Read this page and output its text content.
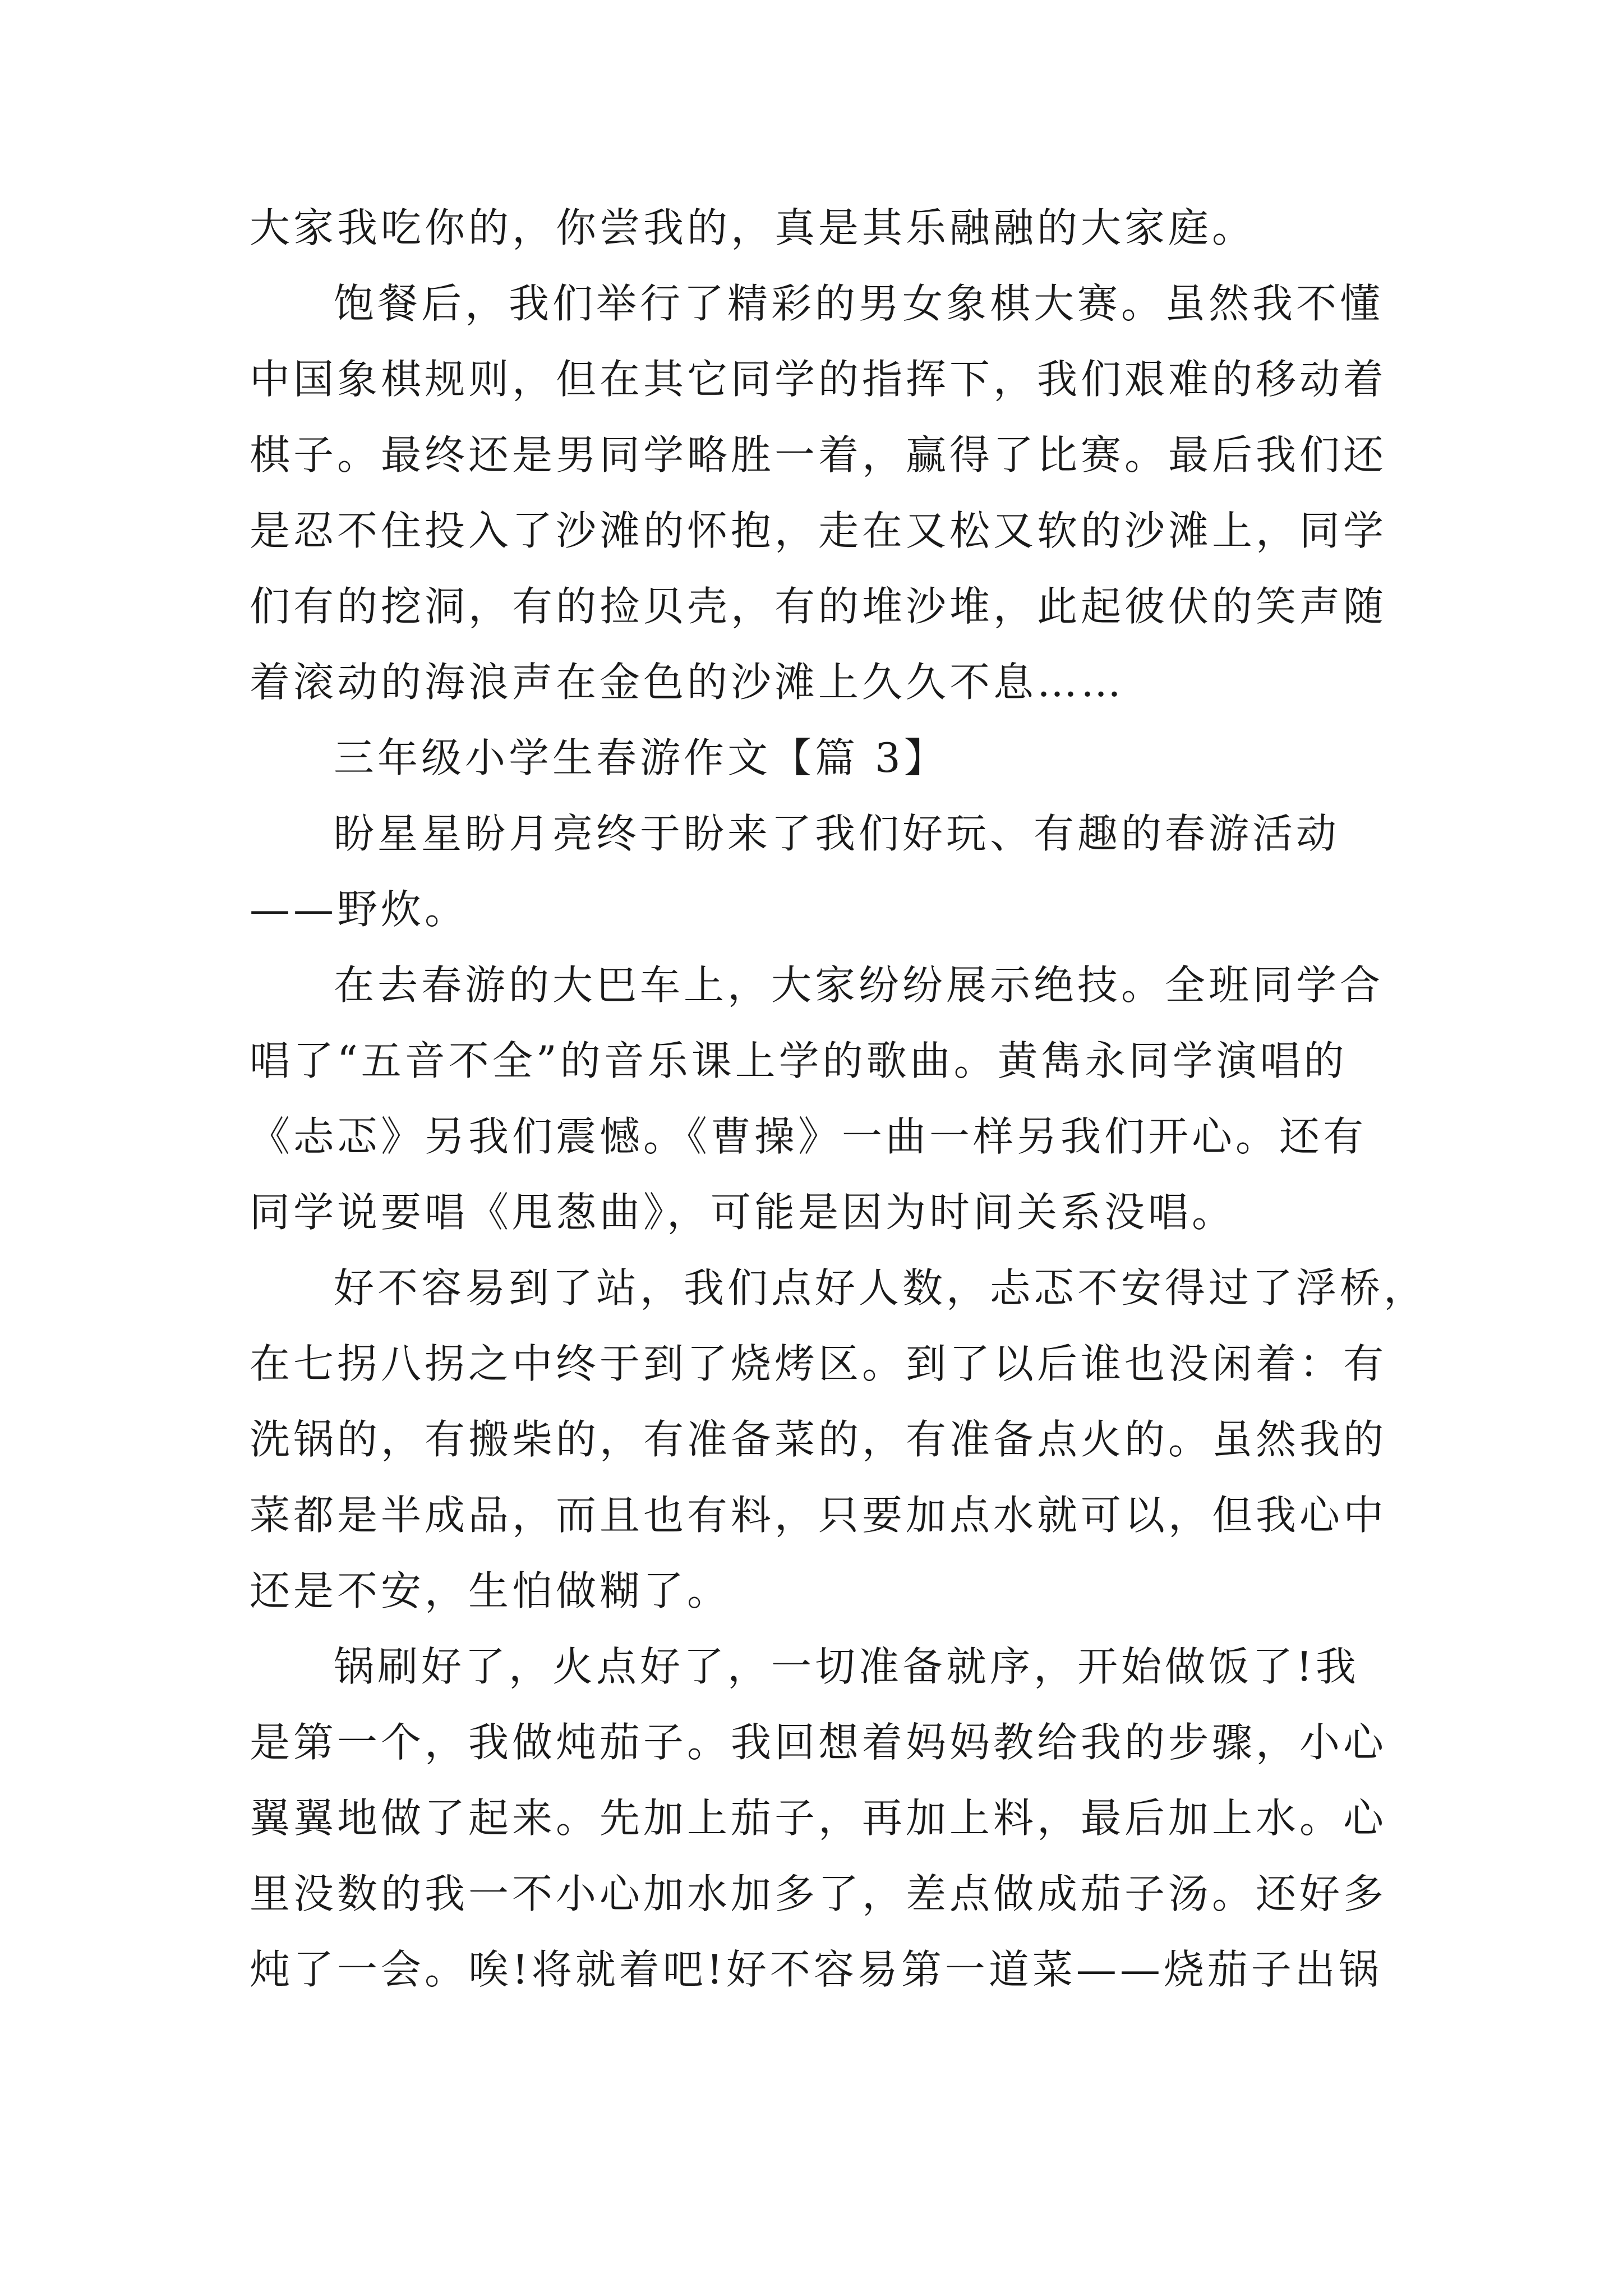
大家我吃你的，你尝我的，真是其乐融融的大家庭。
饱餐后，我们举行了精彩的男女象棋大赛。虽然我不懂
中国象棋规则，但在其它同学的指挥下，我们艰难的移动着
棋子。最终还是男同学略胜一着，赢得了比赛。最后我们还
是忍不住投入了沙滩的怀抱，走在又松又软的沙滩上，同学
们有的挖洞，有的捡贝壳，有的堆沙堆，此起彼伏的笑声随
着滚动的海浪声在金色的沙滩上久久不息……
三年级小学生春游作文【篇 3】
盼星星盼月亮终于盼来了我们好玩、有趣的春游活动
——野炊。
在去春游的大巴车上，大家纷纷展示绝技。全班同学合
唱了“五音不全”的音乐课上学的歌曲。黄雋永同学演唱的
《忐忑》另我们震憾。《曹操》一曲一样另我们开心。还有
同学说要唱《甩葱曲》，可能是因为时间关系没唱。
好不容易到了站，我们点好人数，忐忑不安得过了浮桥，
在七拐八拐之中终于到了烧烤区。到了以后谁也没闲着：有
洗锅的，有搬柴的，有准备菜的，有准备点火的。虽然我的
菜都是半成品，而且也有料，只要加点水就可以，但我心中
还是不安，生怕做糊了。
锅刷好了，火点好了，一切准备就序，开始做饭了!我
是第一个，我做炖茄子。我回想着妈妈教给我的步骤，小心
翼翼地做了起来。先加上茄子，再加上料，最后加上水。心
里没数的我一不小心加水加多了，差点做成茄子汤。还好多
炖了一会。唉!将就着吧!好不容易第一道菜——烧茄子出锅
